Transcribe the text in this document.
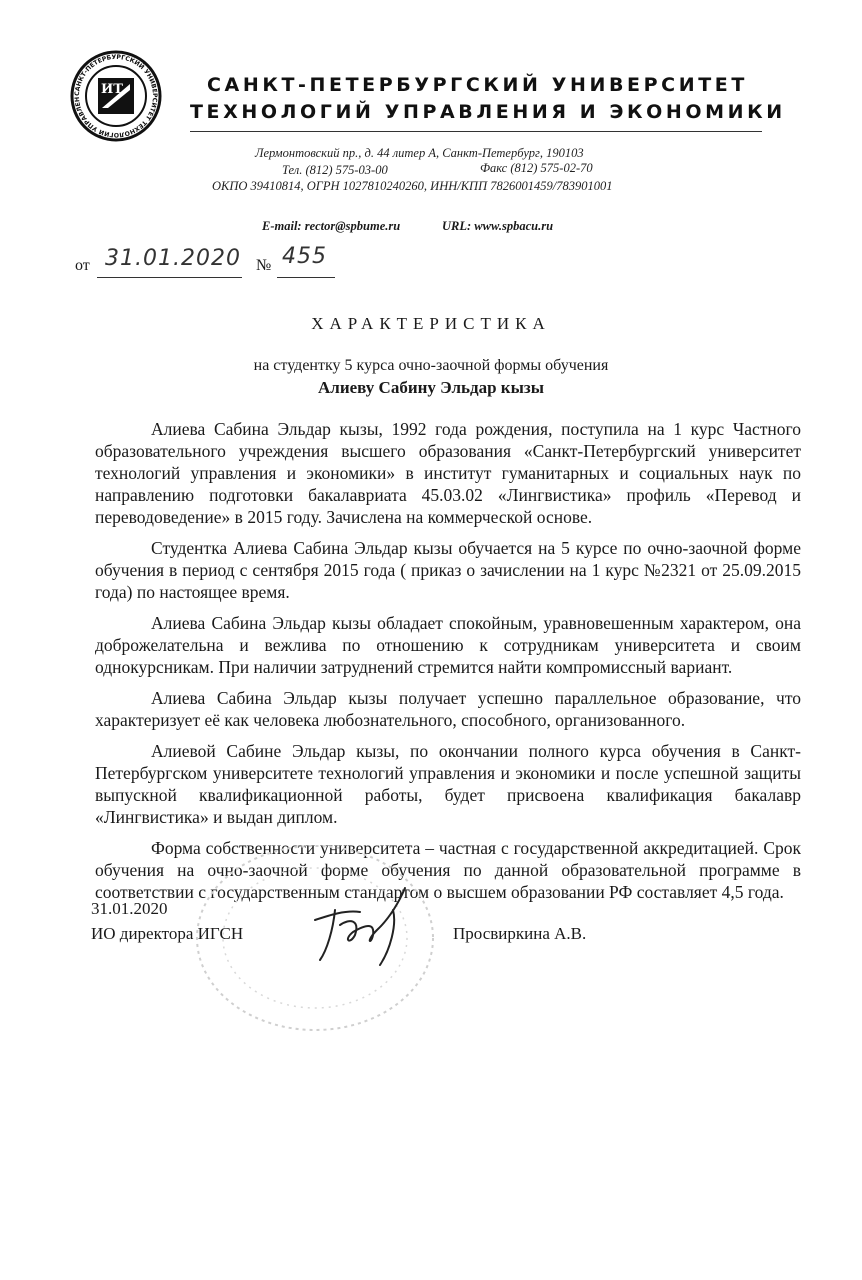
САНКТ-ПЕТЕРБУРГСКИЙ УНИВЕРСИТЕТ ТЕХНОЛОГИЙ УПРАВЛЕН
ИТ	САНКТ-ПЕТЕРБУРГСКИЙ УНИВЕРСИТЕТ
ТЕХНОЛОГИЙ УПРАВЛЕНИЯ И ЭКОНОМИКИ
Лермонтовский пр., д. 44 литер А, Санкт-Петербург, 190103
Тел. (812) 575-03-00	Факс (812) 575-02-70
ОКПО 39410814, ОГРН 1027810240260, ИНН/КПП 7826001459/783901001
E-mail: rector@spbume.ru	URL: www.spbacu.ru
от 31.01.2020 № 455
ХАРАКТЕРИСТИКА
на студентку 5 курса очно-заочной формы обучения
Алиеву Сабину Эльдар кызы

Алиева Сабина Эльдар кызы, 1992 года рождения, поступила на 1 курс Частного образовательного учреждения высшего образования «Санкт-Петербургский университет технологий управления и экономики» в институт гуманитарных и социальных наук по направлению подготовки бакалавриата 45.03.02 «Лингвистика» профиль «Перевод и переводоведение» в 2015 году. Зачислена на коммерческой основе.

Студентка Алиева Сабина Эльдар кызы обучается на 5 курсе по очно-заочной форме обучения в период с сентября 2015 года ( приказ о зачислении на 1 курс №2321 от 25.09.2015 года) по настоящее время.

Алиева Сабина Эльдар кызы обладает спокойным, уравновешенным характером, она доброжелательна и вежлива по отношению к сотрудникам университета и своим однокурсникам. При наличии затруднений стремится найти компромиссный вариант.

Алиева Сабина Эльдар кызы получает успешно параллельное образование, что характеризует её как человека любознательного, способного, организованного.

Алиевой Сабине Эльдар кызы, по окончании полного курса обучения в Санкт-Петербургском университете технологий управления и экономики и после успешной защиты выпускной квалификационной работы, будет присвоена квалификация бакалавр «Лингвистика» и выдан диплом.

Форма собственности университета – частная с государственной аккредитацией. Срок обучения на очно-заочной форме обучения по данной образовательной программе в соответствии с государственным стандартом о высшем образовании РФ составляет 4,5 года.

31.01.2020
ИО директора ИГСН	Просвиркина А.В.
